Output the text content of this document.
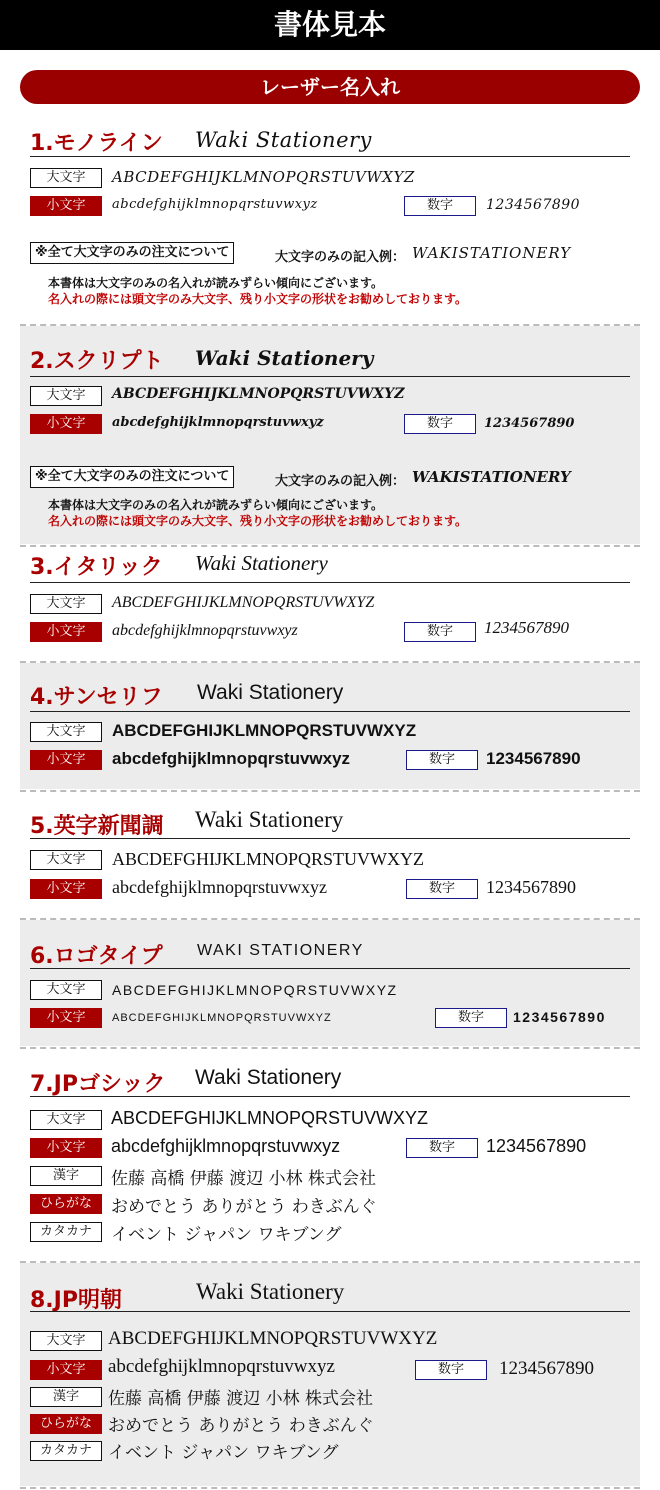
書体見本
レーザー名入れ
1.モノライン Waki Stationery
大文字	ABCDEFGHIJKLMNOPQRSTUVWXYZ
小文字	abcdefghijklmnopqrstuvwxyz	数字	1234567890
※全て大文字のみの注文について	大文字のみの記入例： WAKISTATIONERY
本書体は大文字のみの名入れが読みずらい傾向にございます。
名入れの際には頭文字のみ大文字、残り小文字の形状をお勧めしております。
2.スクリプト Waki Stationery
大文字	ABCDEFGHIJKLMNOPQRSTUVWXYZ
小文字	abcdefghijklmnopqrstuvwxyz	数字	1234567890
※全て大文字のみの注文について	大文字のみの記入例： WAKISTATIONERY
本書体は大文字のみの名入れが読みずらい傾向にございます。
名入れの際には頭文字のみ大文字、残り小文字の形状をお勧めしております。
3.イタリック Waki Stationery
大文字	ABCDEFGHIJKLMNOPQRSTUVWXYZ
小文字	abcdefghijklmnopqrstuvwxyz	数字	1234567890
4.サンセリフ Waki Stationery
大文字	ABCDEFGHIJKLMNOPQRSTUVWXYZ
小文字	abcdefghijklmnopqrstuvwxyz	数字	1234567890
5.英字新聞調 Waki Stationery
大文字	ABCDEFGHIJKLMNOPQRSTUVWXYZ
小文字	abcdefghijklmnopqrstuvwxyz	数字	1234567890
6.ロゴタイプ WAKI STATIONERY
大文字	ABCDEFGHIJKLMNOPQRSTUVWXYZ
小文字	ABCDEFGHIJKLMNOPQRSTUVWXYZ	数字	1234567890
7.JPゴシック Waki Stationery
大文字	ABCDEFGHIJKLMNOPQRSTUVWXYZ
小文字	abcdefghijklmnopqrstuvwxyz	数字	1234567890
漢字	佐藤 高橋 伊藤 渡辺 小林 株式会社
ひらがな	おめでとう ありがとう わきぶんぐ
カタカナ	イベント ジャパン ワキブング
8.JP明朝	Waki Stationery
大文字	ABCDEFGHIJKLMNOPQRSTUVWXYZ
小文字	abcdefghijklmnopqrstuvwxyz	数字	1234567890
漢字	佐藤 高橋 伊藤 渡辺 小林 株式会社
ひらがな おめでとう ありがとう わきぶんぐ
カタカナ イベント ジャパン ワキブング
